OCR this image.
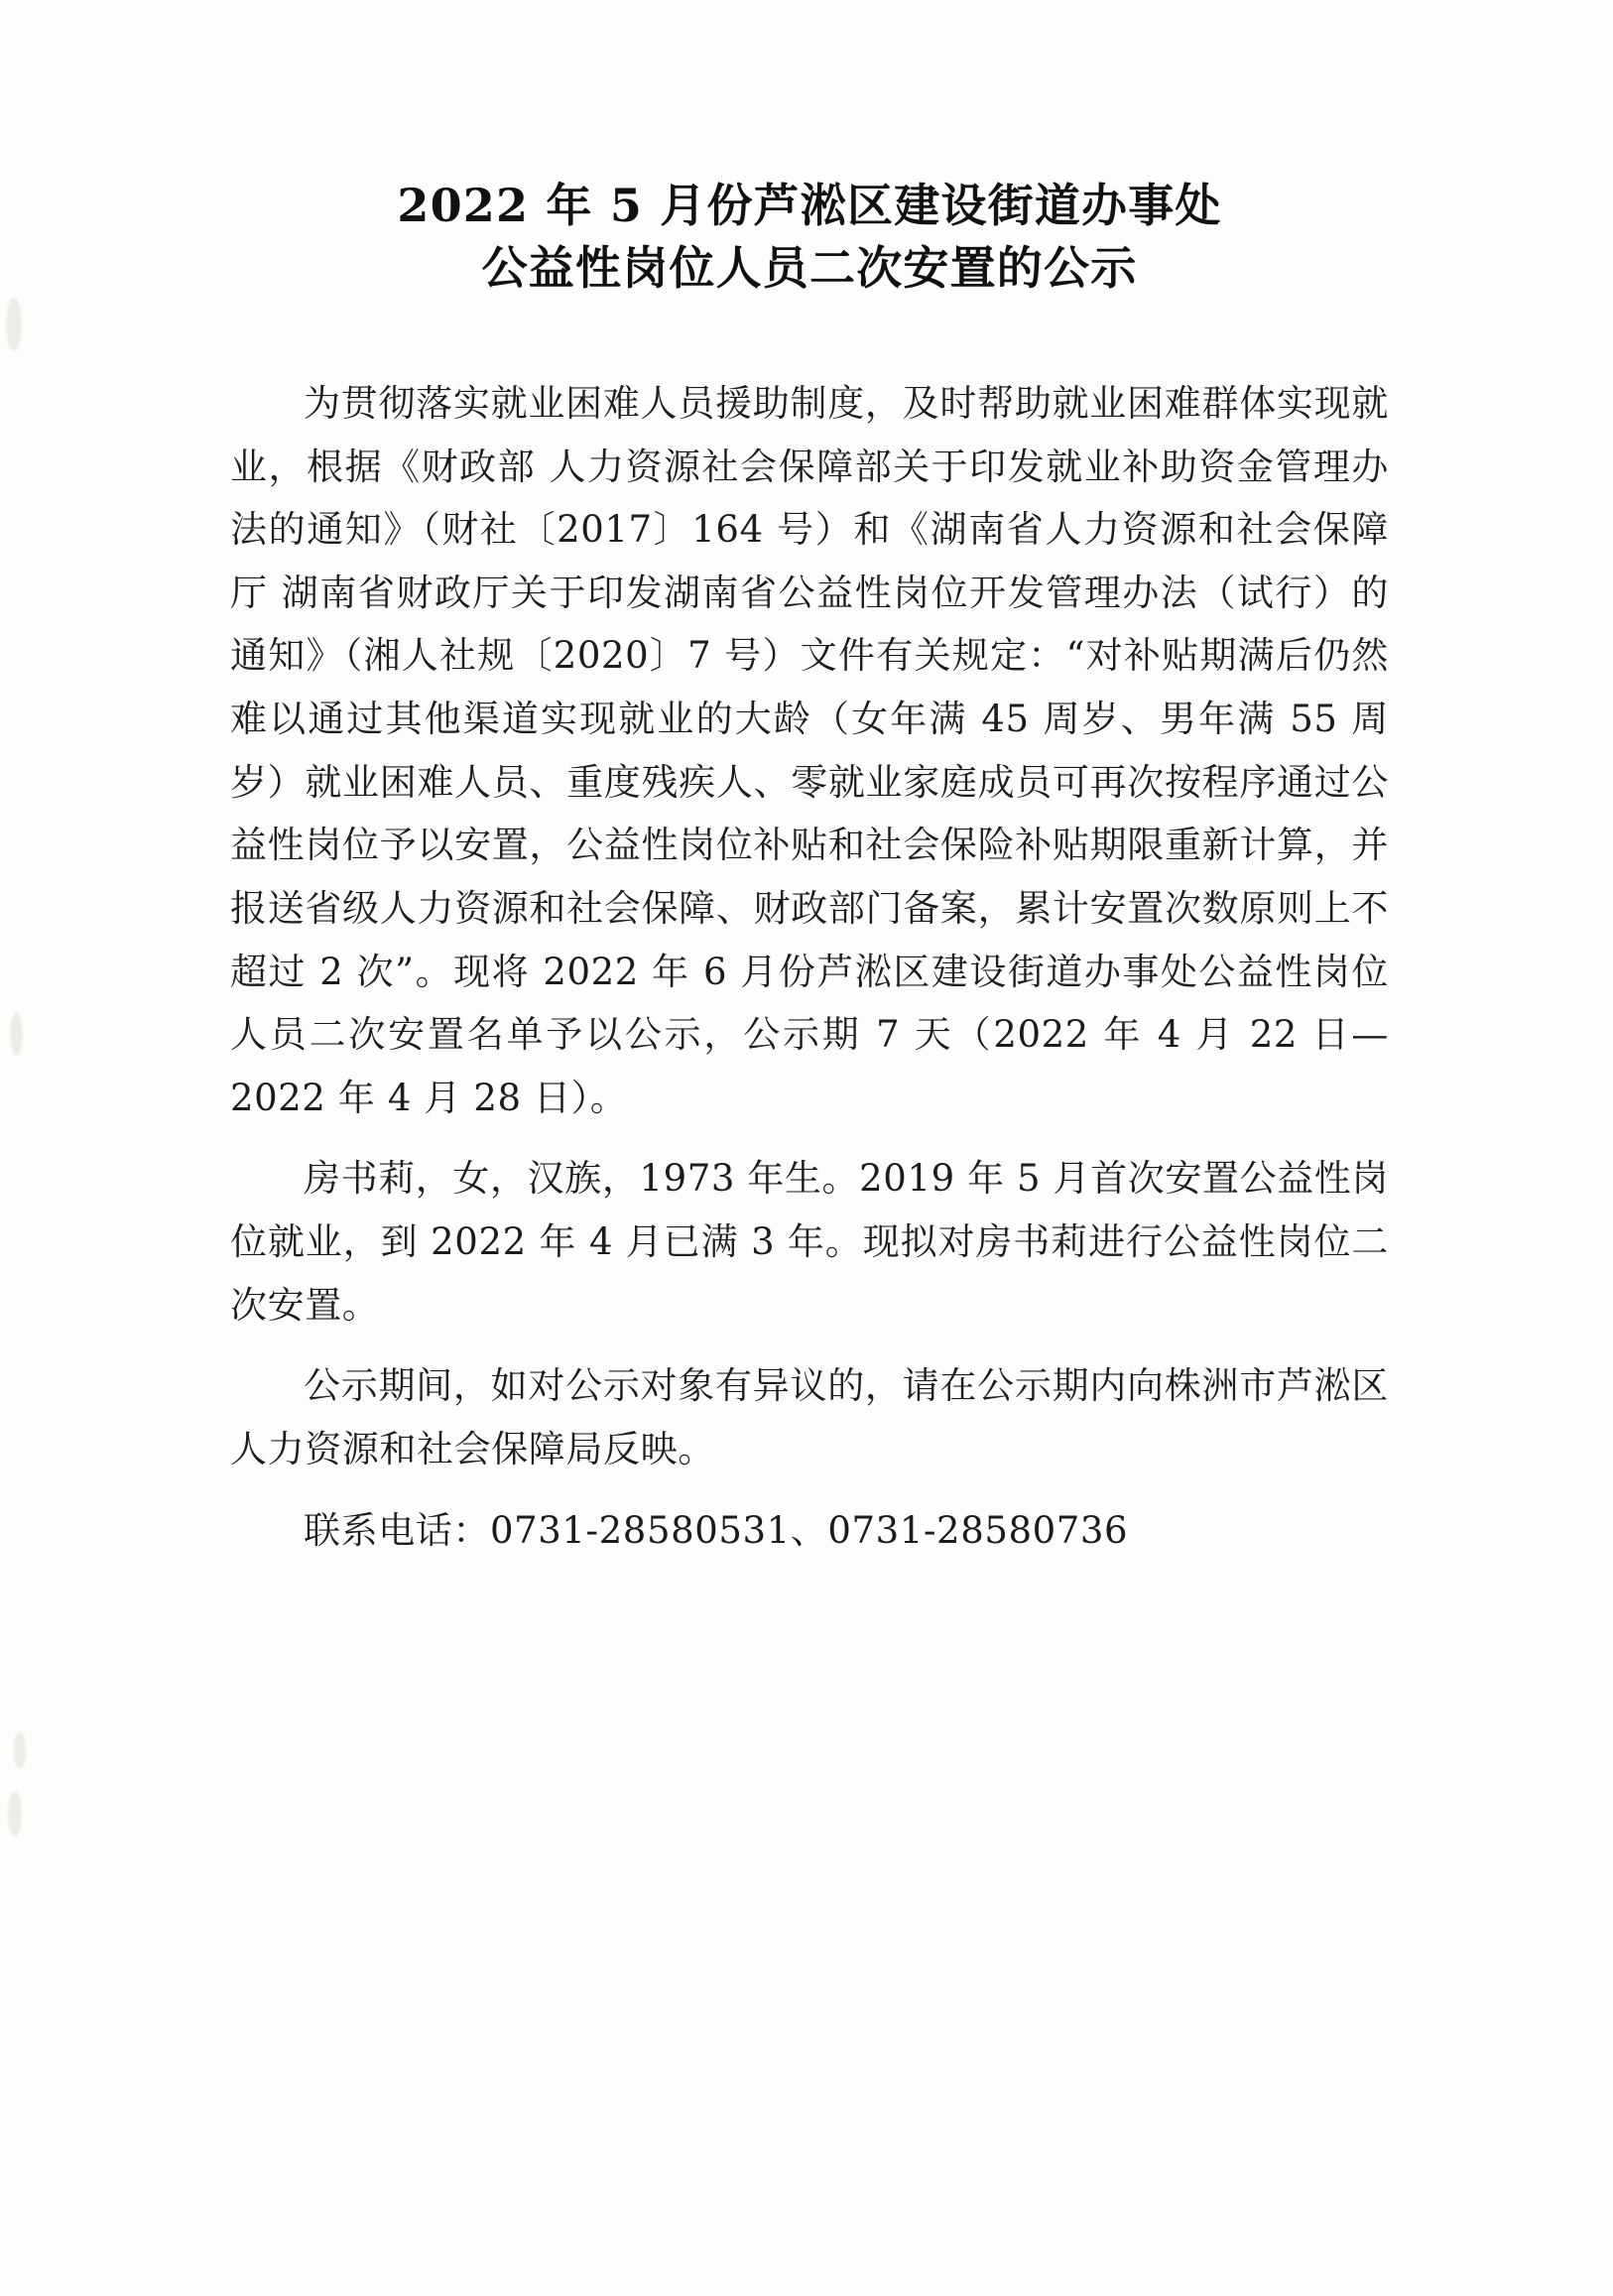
2022 年 5 月份芦淞区建设街道办事处
公益性岗位人员二次安置的公示

为贯彻落实就业困难人员援助制度，及时帮助就业困难群体实现就业，根据《财政部 人力资源社会保障部关于印发就业补助资金管理办法的通知》（财社〔2017〕164 号）和《湖南省人力资源和社会保障厅 湖南省财政厅关于印发湖南省公益性岗位开发管理办法（试行）的通知》（湘人社规〔2020〕7 号）文件有关规定：“对补贴期满后仍然难以通过其他渠道实现就业的大龄（女年满 45 周岁、男年满 55 周岁）就业困难人员、重度残疾人、零就业家庭成员可再次按程序通过公益性岗位予以安置，公益性岗位补贴和社会保险补贴期限重新计算，并报送省级人力资源和社会保障、财政部门备案，累计安置次数原则上不超过 2 次”。现将 2022 年 6 月份芦淞区建设街道办事处公益性岗位人员二次安置名单予以公示，公示期 7 天（2022 年 4 月 22 日—2022 年 4 月 28 日）。

房书莉，女，汉族，1973 年生。2019 年 5 月首次安置公益性岗位就业，到 2022 年 4 月已满 3 年。现拟对房书莉进行公益性岗位二次安置。

公示期间，如对公示对象有异议的，请在公示期内向株洲市芦淞区人力资源和社会保障局反映。

联系电话：0731-28580531、0731-28580736
